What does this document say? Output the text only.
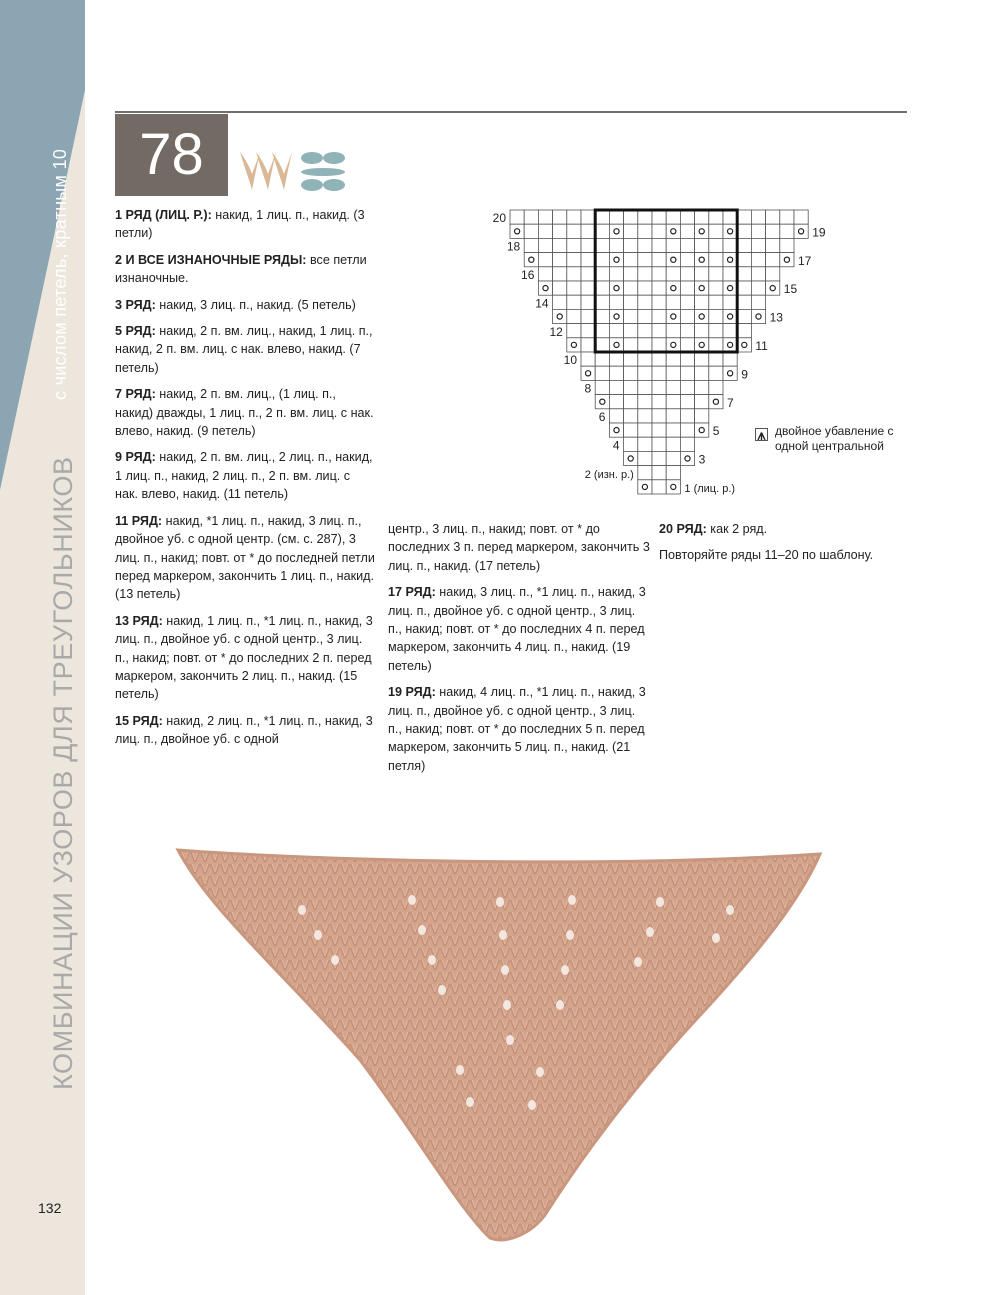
с числом петель, кратным 10
КОМБИНАЦИИ УЗОРОВ ДЛЯ ТРЕУГОЛЬНИКОВ
132
78

1 РЯД (ЛИЦ. Р.): накид, 1 лиц. п., накид. (3 петли)

2 И ВСЕ ИЗНАНОЧНЫЕ РЯДЫ: все петли изнаночные.

3 РЯД: накид, 3 лиц. п., накид. (5 петель)

5 РЯД: накид, 2 п. вм. лиц., накид, 1 лиц. п., накид, 2 п. вм. лиц. с нак. влево, накид. (7 петель)

7 РЯД: накид, 2 п. вм. лиц., (1 лиц. п., накид) дважды, 1 лиц. п., 2 п. вм. лиц. с нак. влево, накид. (9 петель)

9 РЯД: накид, 2 п. вм. лиц., 2 лиц. п., накид, 1 лиц. п., накид, 2 лиц. п., 2 п. вм. лиц. с нак. влево, накид. (11 петель)

11 РЯД: накид, *1 лиц. п., накид, 3 лиц. п., двойное уб. с одной центр. (см. с. 287), 3 лиц. п., накид; повт. от * до последней петли перед маркером, закончить 1 лиц. п., накид. (13 петель)

13 РЯД: накид, 1 лиц. п., *1 лиц. п., накид, 3 лиц. п., двойное уб. с одной центр., 3 лиц. п., накид; повт. от * до последних 2 п. перед маркером, закончить 2 лиц. п., накид. (15 петель)

15 РЯД: накид, 2 лиц. п., *1 лиц. п., накид, 3 лиц. п., двойное уб. с одной

центр., 3 лиц. п., накид; повт. от * до последних 3 п. перед маркером, закончить 3 лиц. п., накид. (17 петель)

17 РЯД: накид, 3 лиц. п., *1 лиц. п., накид, 3 лиц. п., двойное уб. с одной центр., 3 лиц. п., накид; повт. от * до последних 4 п. перед маркером, закончить 4 лиц. п., накид. (19 петель)

19 РЯД: накид, 4 лиц. п., *1 лиц. п., накид, 3 лиц. п., двойное уб. с одной центр., 3 лиц. п., накид; повт. от * до последних 5 п. перед маркером, закончить 5 лиц. п., накид. (21 петля)

20 РЯД: как 2 ряд.

Повторяйте ряды 11–20 по шаблону.

20
18
16
14
12
10
8
6
4
19
17
15
13
11
9
7
5
3
2 (изн. р.)
1 (лиц. р.)
двойное убавление с одной центральной
